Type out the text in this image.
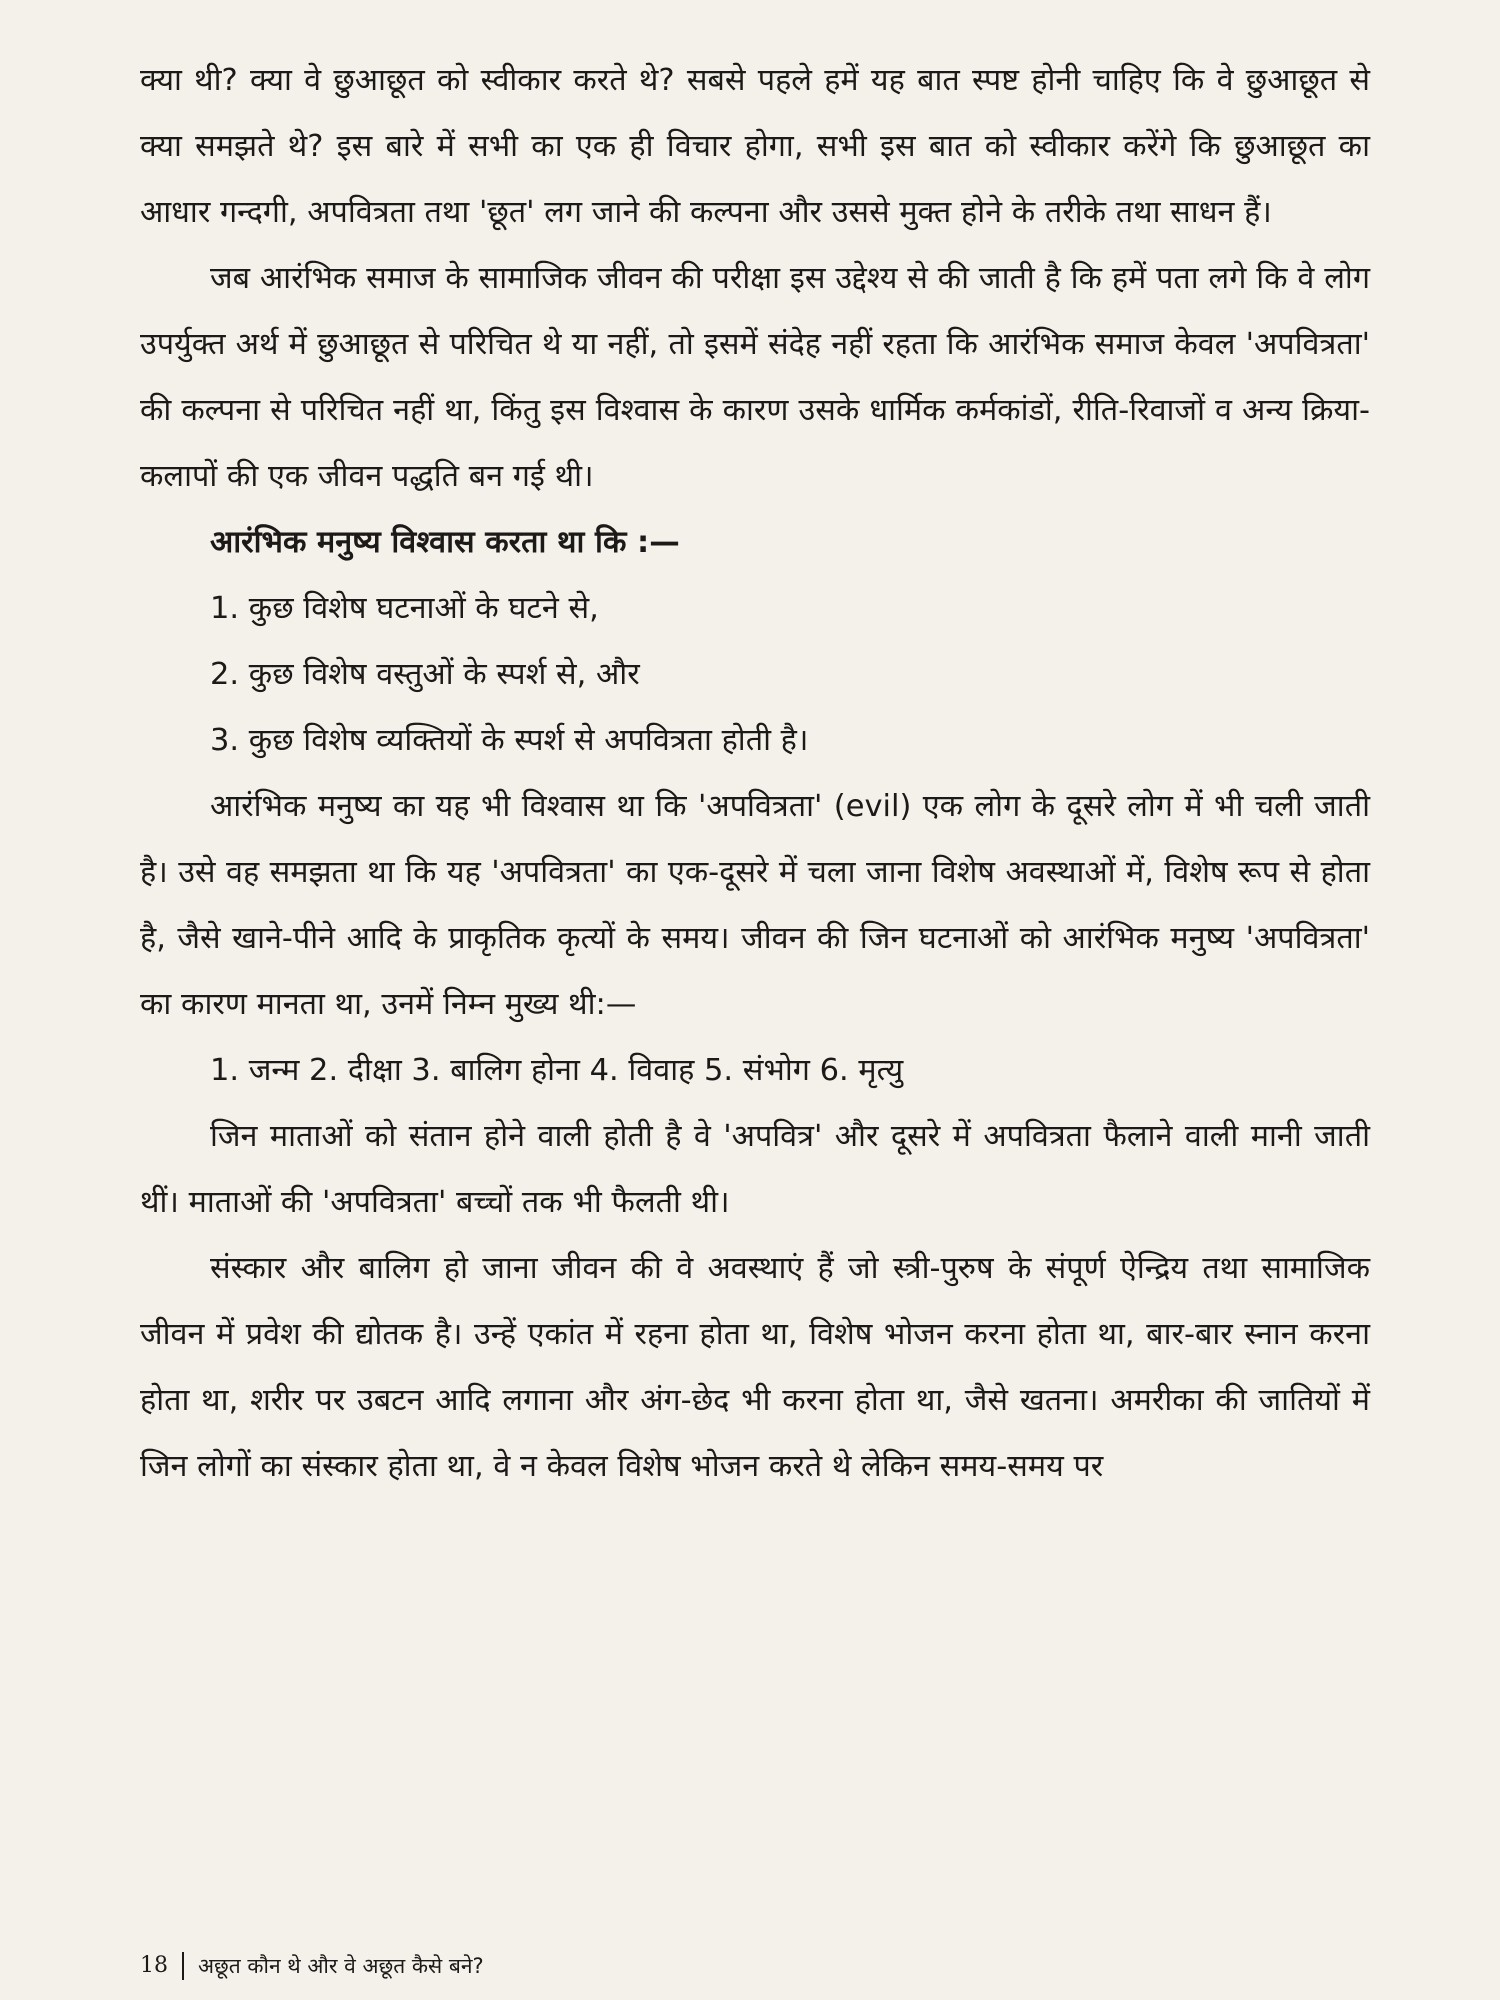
क्या थी? क्या वे छुआछूत को स्वीकार करते थे? सबसे पहले हमें यह बात स्पष्ट होनी चाहिए कि वे छुआछूत से क्या समझते थे? इस बारे में सभी का एक ही विचार होगा, सभी इस बात को स्वीकार करेंगे कि छुआछूत का आधार गन्दगी, अपवित्रता तथा 'छूत' लग जाने की कल्पना और उससे मुक्त होने के तरीके तथा साधन हैं।

जब आरंभिक समाज के सामाजिक जीवन की परीक्षा इस उद्देश्य से की जाती है कि हमें पता लगे कि वे लोग उपर्युक्त अर्थ में छुआछूत से परिचित थे या नहीं, तो इसमें संदेह नहीं रहता कि आरंभिक समाज केवल 'अपवित्रता' की कल्पना से परिचित नहीं था, किंतु इस विश्वास के कारण उसके धार्मिक कर्मकांडों, रीति-रिवाजों व अन्य क्रिया-कलापों की एक जीवन पद्धति बन गई थी।

आरंभिक मनुष्य विश्वास करता था कि :—

1. कुछ विशेष घटनाओं के घटने से,

2. कुछ विशेष वस्तुओं के स्पर्श से, और

3. कुछ विशेष व्यक्तियों के स्पर्श से अपवित्रता होती है।

आरंभिक मनुष्य का यह भी विश्वास था कि 'अपवित्रता' (evil) एक लोग के दूसरे लोग में भी चली जाती है। उसे वह समझता था कि यह 'अपवित्रता' का एक-दूसरे में चला जाना विशेष अवस्थाओं में, विशेष रूप से होता है, जैसे खाने-पीने आदि के प्राकृतिक कृत्यों के समय। जीवन की जिन घटनाओं को आरंभिक मनुष्य 'अपवित्रता' का कारण मानता था, उनमें निम्न मुख्य थी:—

1. जन्म 2. दीक्षा 3. बालिग होना 4. विवाह 5. संभोग 6. मृत्यु

जिन माताओं को संतान होने वाली होती है वे 'अपवित्र' और दूसरे में अपवित्रता फैलाने वाली मानी जाती थीं। माताओं की 'अपवित्रता' बच्चों तक भी फैलती थी।

संस्कार और बालिग हो जाना जीवन की वे अवस्थाएं हैं जो स्त्री-पुरुष के संपूर्ण ऐन्द्रिय तथा सामाजिक जीवन में प्रवेश की द्योतक है। उन्हें एकांत में रहना होता था, विशेष भोजन करना होता था, बार-बार स्नान करना होता था, शरीर पर उबटन आदि लगाना और अंग-छेद भी करना होता था, जैसे खतना। अमरीका की जातियों में जिन लोगों का संस्कार होता था, वे न केवल विशेष भोजन करते थे लेकिन समय-समय पर

18 अछूत कौन थे और वे अछूत कैसे बने?
